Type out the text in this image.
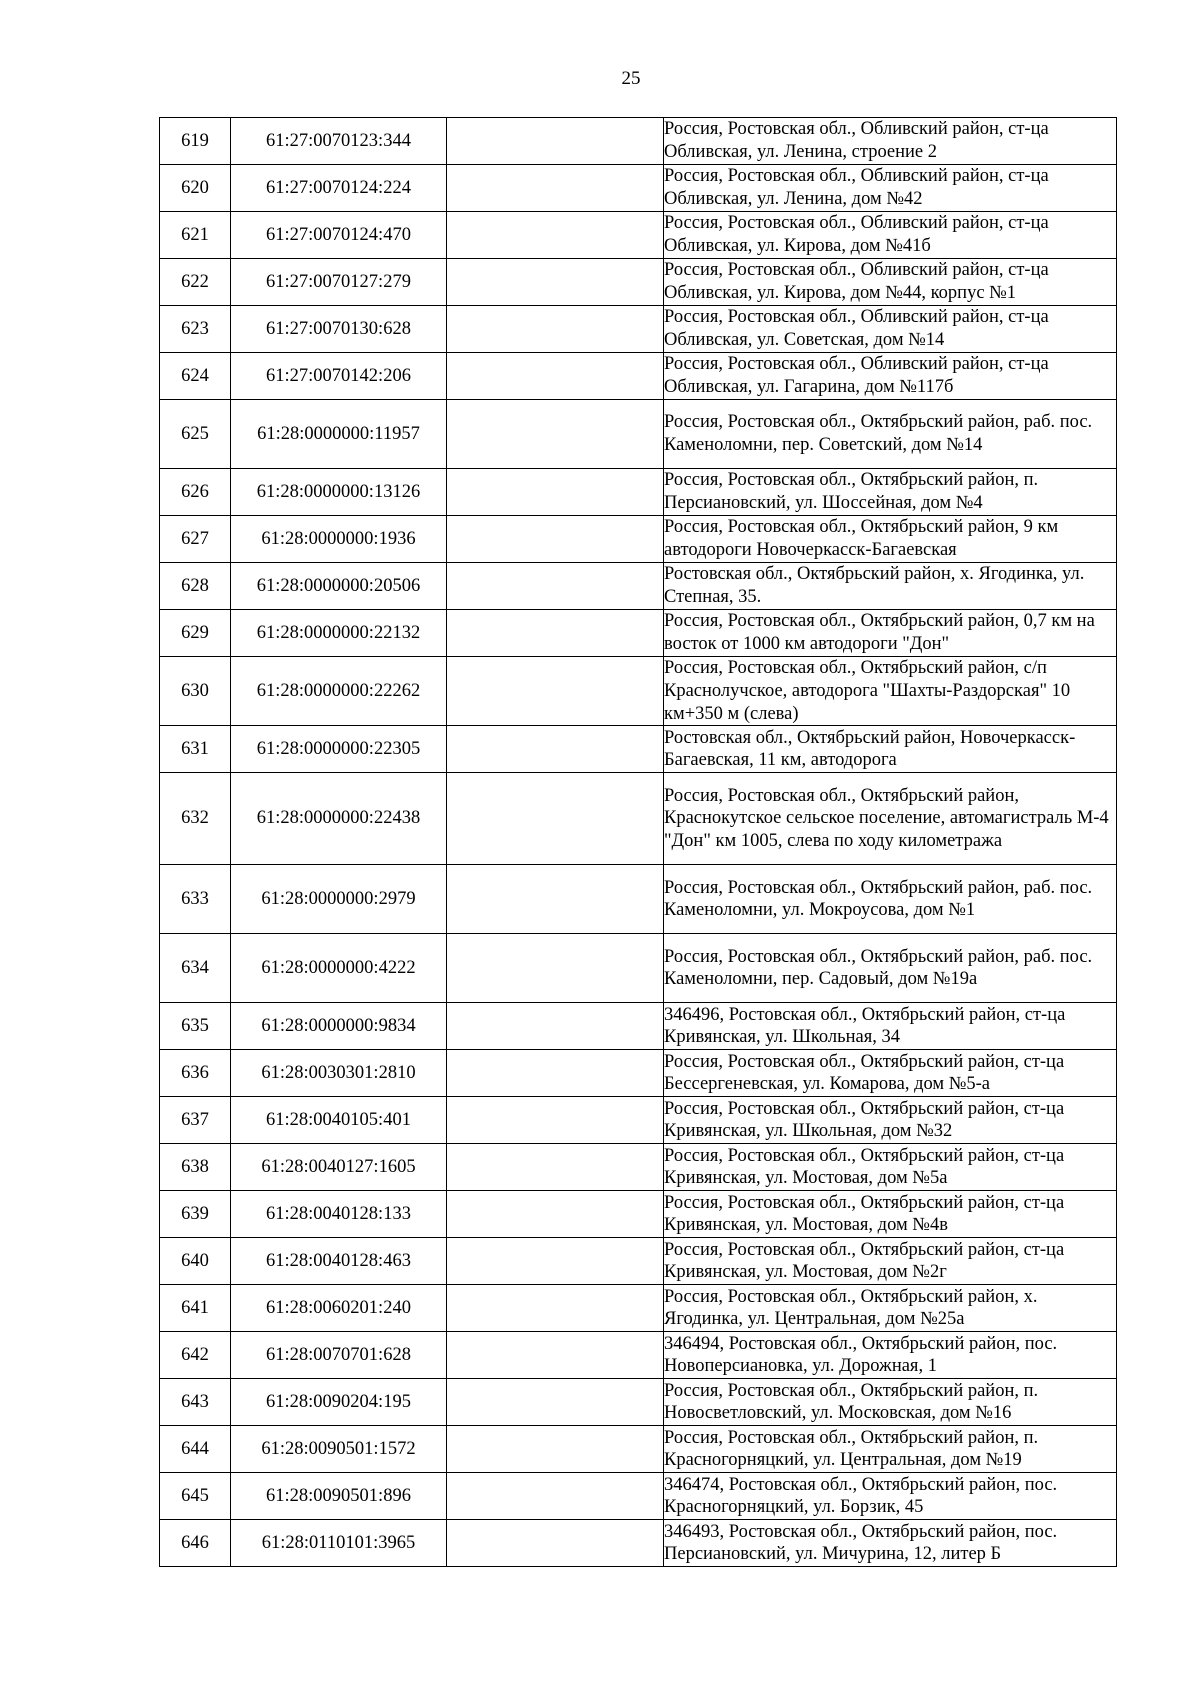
25
619	61:27:0070123:344		Россия, Ростовская обл., Обливский район, ст-ца Обливская, ул. Ленина, строение 2
620	61:27:0070124:224		Россия, Ростовская обл., Обливский район, ст-ца Обливская, ул. Ленина, дом №42
621	61:27:0070124:470		Россия, Ростовская обл., Обливский район, ст-ца Обливская, ул. Кирова, дом №41б
622	61:27:0070127:279		Россия, Ростовская обл., Обливский район, ст-ца Обливская, ул. Кирова, дом №44, корпус №1
623	61:27:0070130:628		Россия, Ростовская обл., Обливский район, ст-ца Обливская, ул. Советская, дом №14
624	61:27:0070142:206		Россия, Ростовская обл., Обливский район, ст-ца Обливская, ул. Гагарина, дом №117б
625	61:28:0000000:11957		Россия, Ростовская обл., Октябрьский район, раб. пос. Каменоломни, пер. Советский, дом №14
626	61:28:0000000:13126		Россия, Ростовская обл., Октябрьский район, п. Персиановский, ул. Шоссейная, дом №4
627	61:28:0000000:1936		Россия, Ростовская обл., Октябрьский район, 9 км автодороги Новочеркасск-Багаевская
628	61:28:0000000:20506		Ростовская обл., Октябрьский район, х. Ягодинка, ул. Степная, 35.
629	61:28:0000000:22132		Россия, Ростовская обл., Октябрьский район, 0,7 км на восток от 1000 км автодороги "Дон"
630	61:28:0000000:22262		Россия, Ростовская обл., Октябрьский район, с/п Краснолучское, автодорога "Шахты-Раздорская" 10 км+350 м (слева)
631	61:28:0000000:22305		Ростовская обл., Октябрьский район, Новочеркасск-Багаевская, 11 км, автодорога
632	61:28:0000000:22438		Россия, Ростовская обл., Октябрьский район, Краснокутское сельское поселение, автомагистраль М-4 "Дон" км 1005, слева по ходу километража
633	61:28:0000000:2979		Россия, Ростовская обл., Октябрьский район, раб. пос. Каменоломни, ул. Мокроусова, дом №1
634	61:28:0000000:4222		Россия, Ростовская обл., Октябрьский район, раб. пос. Каменоломни, пер. Садовый, дом №19а
635	61:28:0000000:9834		346496, Ростовская обл., Октябрьский район, ст-ца Кривянская, ул. Школьная, 34
636	61:28:0030301:2810		Россия, Ростовская обл., Октябрьский район, ст-ца Бессергеневская, ул. Комарова, дом №5-а
637	61:28:0040105:401		Россия, Ростовская обл., Октябрьский район, ст-ца Кривянская, ул. Школьная, дом №32
638	61:28:0040127:1605		Россия, Ростовская обл., Октябрьский район, ст-ца Кривянская, ул. Мостовая, дом №5а
639	61:28:0040128:133		Россия, Ростовская обл., Октябрьский район, ст-ца Кривянская, ул. Мостовая, дом №4в
640	61:28:0040128:463		Россия, Ростовская обл., Октябрьский район, ст-ца Кривянская, ул. Мостовая, дом №2г
641	61:28:0060201:240		Россия, Ростовская обл., Октябрьский район, х. Ягодинка, ул. Центральная, дом №25а
642	61:28:0070701:628		346494, Ростовская обл., Октябрьский район, пос. Новоперсиановка, ул. Дорожная, 1
643	61:28:0090204:195		Россия, Ростовская обл., Октябрьский район, п. Новосветловский, ул. Московская, дом №16
644	61:28:0090501:1572		Россия, Ростовская обл., Октябрьский район, п. Красногорняцкий, ул. Центральная, дом №19
645	61:28:0090501:896		346474, Ростовская обл., Октябрьский район, пос. Красногорняцкий, ул. Борзик, 45
646	61:28:0110101:3965		346493, Ростовская обл., Октябрьский район, пос. Персиановский, ул. Мичурина, 12, литер Б
